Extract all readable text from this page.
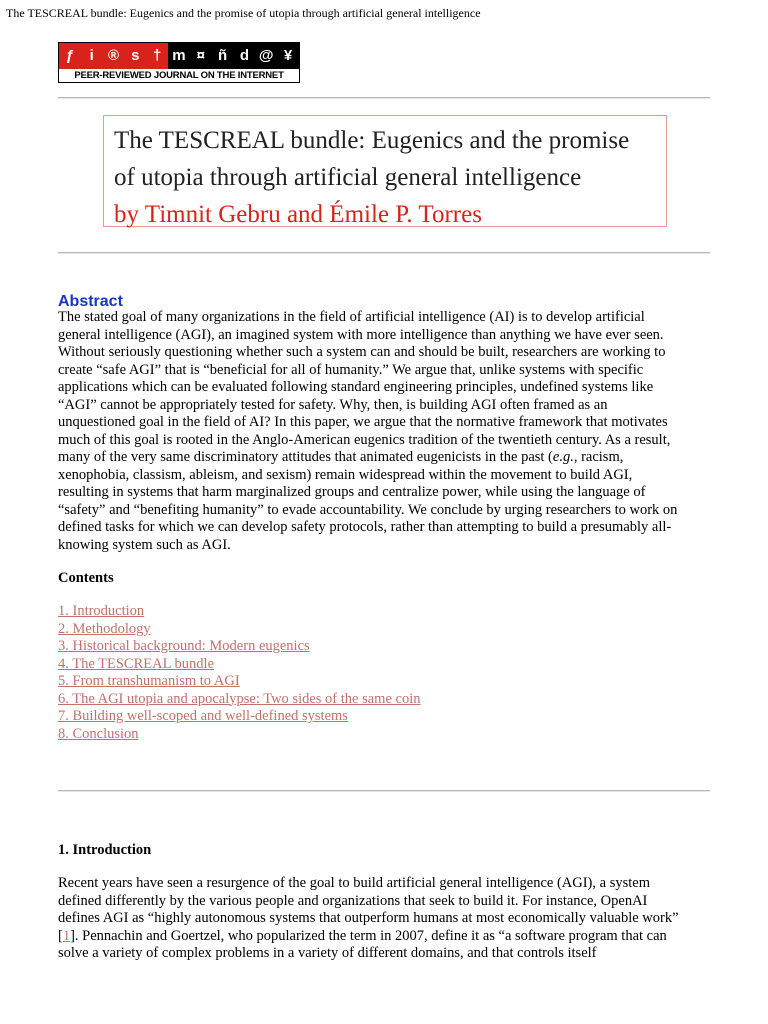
The TESCREAL bundle: Eugenics and the promise of utopia through artificial general intelligence
ƒ	i ® s † m ¤ ñ d @ ¥
PEER-REVIEWED JOURNAL ON THE INTERNET
The TESCREAL bundle: Eugenics and the promise
of utopia through artificial general intelligence
by Timnit Gebru and Émile P. Torres
Abstract
The stated goal of many organizations in the field of artificial intelligence (AI) is to develop artificial
general intelligence (AGI), an imagined system with more intelligence than anything we have ever seen.
Without seriously questioning whether such a system can and should be built, researchers are working to
create “safe AGI” that is “beneficial for all of humanity.” We argue that, unlike systems with specific
applications which can be evaluated following standard engineering principles, undefined systems like
“AGI” cannot be appropriately tested for safety. Why, then, is building AGI often framed as an
unquestioned goal in the field of AI? In this paper, we argue that the normative framework that motivates
much of this goal is rooted in the Anglo-American eugenics tradition of the twentieth century. As a result,
many of the very same discriminatory attitudes that animated eugenicists in the past (e.g., racism,
xenophobia, classism, ableism, and sexism) remain widespread within the movement to build AGI,
resulting in systems that harm marginalized groups and centralize power, while using the language of
“safety” and “benefiting humanity” to evade accountability. We conclude by urging researchers to work on
defined tasks for which we can develop safety protocols, rather than attempting to build a presumably all-
knowing system such as AGI.
Contents
1. Introduction
2. Methodology
3. Historical background: Modern eugenics
4. The TESCREAL bundle
5. From transhumanism to AGI
6. The AGI utopia and apocalypse: Two sides of the same coin
7. Building well-scoped and well-defined systems
8. Conclusion
1. Introduction
Recent years have seen a resurgence of the goal to build artificial general intelligence (AGI), a system
defined differently by the various people and organizations that seek to build it. For instance, OpenAI
defines AGI as “highly autonomous systems that outperform humans at most economically valuable work”
[1]. Pennachin and Goertzel, who popularized the term in 2007, define it as “a software program that can
solve a variety of complex problems in a variety of different domains, and that controls itself
